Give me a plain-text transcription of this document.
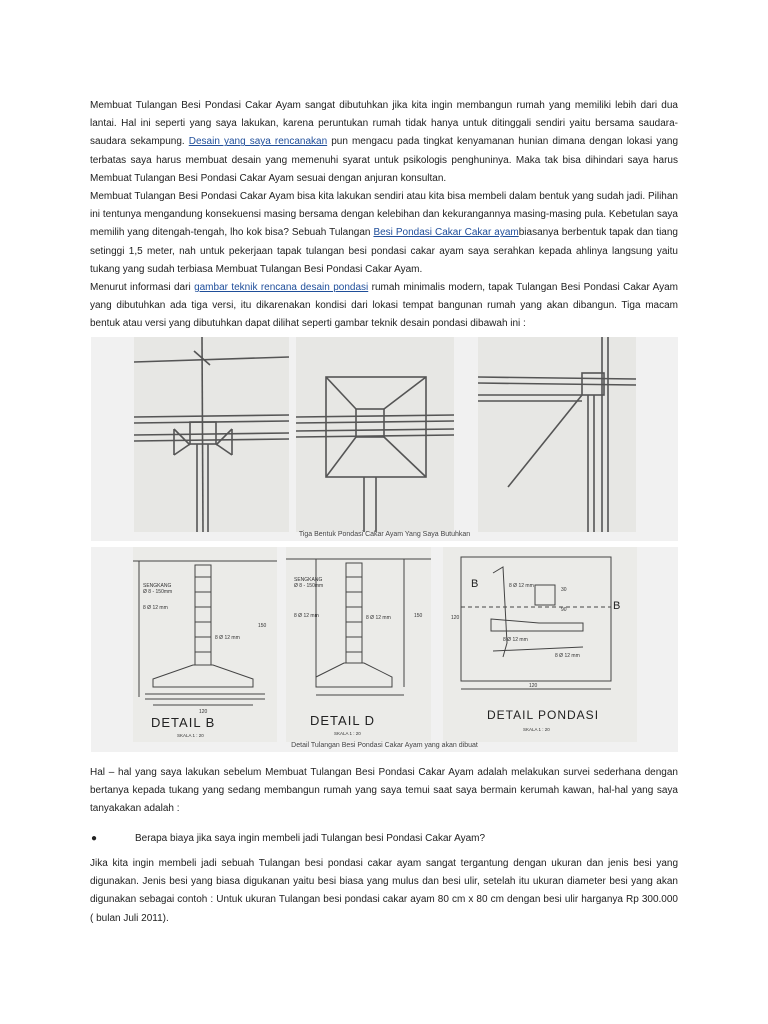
Membuat Tulangan Besi Pondasi Cakar Ayam sangat dibutuhkan jika kita ingin membangun rumah yang memiliki lebih dari dua lantai. Hal ini seperti yang saya lakukan, karena peruntukan rumah tidak hanya untuk ditinggali sendiri yaitu bersama saudara-saudara sekampung. Desain yang saya rencanakan pun mengacu pada tingkat kenyamanan hunian dimana dengan lokasi yang terbatas saya harus membuat desain yang memenuhi syarat untuk psikologis penghuninya. Maka tak bisa dihindari saya harus Membuat Tulangan Besi Pondasi Cakar Ayam sesuai dengan anjuran konsultan.

Membuat Tulangan Besi Pondasi Cakar Ayam bisa kita lakukan sendiri atau kita bisa membeli dalam bentuk yang sudah jadi. Pilihan ini tentunya mengandung konsekuensi masing bersama dengan kelebihan dan kekurangannya masing-masing pula. Kebetulan saya memilih yang ditengah-tengah, lho kok bisa? Sebuah Tulangan Besi Pondasi Cakar Cakar ayambiasanya berbentuk tapak dan tiang setinggi 1,5 meter, nah untuk pekerjaan tapak tulangan besi pondasi cakar ayam saya serahkan kepada ahlinya langsung yaitu tukang yang sudah terbiasa Membuat Tulangan Besi Pondasi Cakar Ayam.

Menurut informasi dari gambar teknik rencana desain pondasi rumah minimalis modern, tapak Tulangan Besi Pondasi Cakar Ayam yang dibutuhkan ada tiga versi, itu dikarenakan kondisi dari lokasi tempat bangunan rumah yang akan dibangun. Tiga macam bentuk atau versi yang dibutuhkan dapat dilihat seperti gambar teknik desain pondasi dibawah ini :

Tiga Bentuk Pondasi Cakar Ayam Yang Saya Butuhkan
SENGKANG
Ø 8 - 150mm
8 Ø 12 mm
8 Ø 12 mm
120
150
DETAIL B
SKALA 1 : 20
SENGKANG
Ø 8 - 150mm
8 Ø 12 mm	8 Ø 12 mm	150
DETAIL D
SKALA 1 : 20
B
B
8 Ø 12 mm
8 Ø 12 mm
8 Ø 12 mm
30
90
120
120
DETAIL PONDASI
SKALA 1 : 20
Detail Tulangan Besi Pondasi Cakar Ayam yang akan dibuat

Hal – hal yang saya lakukan sebelum Membuat Tulangan Besi Pondasi Cakar Ayam adalah melakukan survei sederhana dengan bertanya kepada tukang yang sedang membangun rumah yang saya temui saat saya bermain kerumah kawan, hal-hal yang saya tanyakakan adalah :

●	Berapa biaya jika saya ingin membeli jadi Tulangan besi Pondasi Cakar Ayam?

Jika kita ingin membeli jadi sebuah Tulangan besi pondasi cakar ayam sangat tergantung dengan ukuran dan jenis besi yang digunakan. Jenis besi yang biasa digukanan yaitu besi biasa yang mulus dan besi ulir, setelah itu ukuran diameter besi yang akan digunakan sebagai contoh : Untuk ukuran Tulangan besi pondasi cakar ayam 80 cm x 80 cm dengan besi ulir harganya Rp 300.000 ( bulan Juli 2011).
